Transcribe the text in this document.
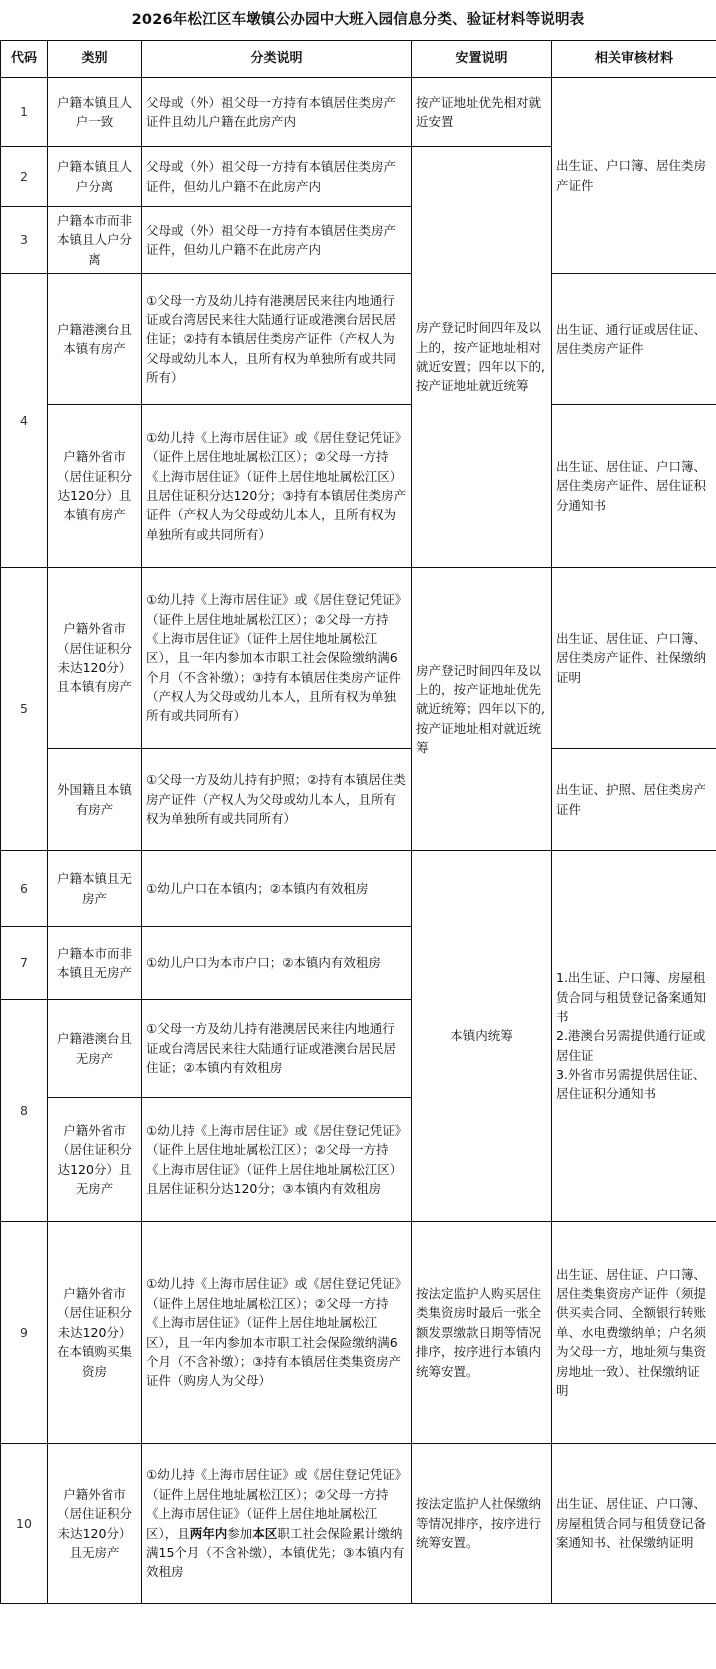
2026年松江区车墩镇公办园中大班入园信息分类、验证材料等说明表
代码	类别	分类说明	安置说明	相关审核材料
1	户籍本镇且人户一致	父母或（外）祖父母一方持有本镇居住类房产证件且幼儿户籍在此房产内	按产证地址优先相对就近安置	出生证、户口簿、居住类房产证件
2	户籍本镇且人户分离	父母或（外）祖父母一方持有本镇居住类房产证件，但幼儿户籍不在此房产内	房产登记时间四年及以上的，按产证地址相对就近安置；四年以下的,按产证地址就近统筹	
3	户籍本市而非本镇且人户分离	父母或（外）祖父母一方持有本镇居住类房产证件，但幼儿户籍不在此房产内		
4	户籍港澳台且本镇有房产	①父母一方及幼儿持有港澳居民来往内地通行证或台湾居民来往大陆通行证或港澳台居民居住证；②持有本镇居住类房产证件（产权人为父母或幼儿本人，且所有权为单独所有或共同所有）		出生证、通行证或居住证、居住类房产证件
	户籍外省市（居住证积分达120分）且本镇有房产	①幼儿持《上海市居住证》或《居住登记凭证》（证件上居住地址属松江区）；②父母一方持《上海市居住证》（证件上居住地址属松江区）且居住证积分达120分；③持有本镇居住类房产证件（产权人为父母或幼儿本人，且所有权为单独所有或共同所有）		出生证、居住证、户口簿、居住类房产证件、居住证积分通知书
5	户籍外省市（居住证积分未达120分）且本镇有房产	①幼儿持《上海市居住证》或《居住登记凭证》（证件上居住地址属松江区）；②父母一方持《上海市居住证》（证件上居住地址属松江区），且一年内参加本市职工社会保险缴纳满6个月（不含补缴）；③持有本镇居住类房产证件（产权人为父母或幼儿本人，且所有权为单独所有或共同所有）	房产登记时间四年及以上的，按产证地址优先就近统筹；四年以下的,按产证地址相对就近统筹	出生证、居住证、户口簿、居住类房产证件、社保缴纳证明
	外国籍且本镇有房产	①父母一方及幼儿持有护照；②持有本镇居住类房产证件（产权人为父母或幼儿本人，且所有权为单独所有或共同所有）		出生证、护照、居住类房产证件
6	户籍本镇且无房产	①幼儿户口在本镇内；②本镇内有效租房	本镇内统筹	1.出生证、户口簿、房屋租赁合同与租赁登记备案通知书
2.港澳台另需提供通行证或居住证
3.外省市另需提供居住证、居住证积分通知书
7	户籍本市而非本镇且无房产	①幼儿户口为本市户口；②本镇内有效租房		
8	户籍港澳台且无房产	①父母一方及幼儿持有港澳居民来往内地通行证或台湾居民来往大陆通行证或港澳台居民居住证；②本镇内有效租房		
	户籍外省市（居住证积分达120分）且无房产	①幼儿持《上海市居住证》或《居住登记凭证》（证件上居住地址属松江区）；②父母一方持《上海市居住证》（证件上居住地址属松江区）且居住证积分达120分；③本镇内有效租房		
9	户籍外省市（居住证积分未达120分）在本镇购买集资房	①幼儿持《上海市居住证》或《居住登记凭证》（证件上居住地址属松江区）；②父母一方持《上海市居住证》（证件上居住地址属松江区），且一年内参加本市职工社会保险缴纳满6个月（不含补缴）；③持有本镇居住类集资房产证件（购房人为父母）	按法定监护人购买居住类集资房时最后一张全额发票缴款日期等情况排序，按序进行本镇内统筹安置。	出生证、居住证、户口簿、居住类集资房产证件（须提供买卖合同、全额银行转账单、水电费缴纳单；户名须为父母一方，地址须与集资房地址一致）、社保缴纳证明
10	户籍外省市（居住证积分未达120分）且无房产	①幼儿持《上海市居住证》或《居住登记凭证》（证件上居住地址属松江区）；②父母一方持《上海市居住证》（证件上居住地址属松江区），且两年内参加本区职工社会保险累计缴纳满15个月（不含补缴），本镇优先；③本镇内有效租房	按法定监护人社保缴纳等情况排序，按序进行统筹安置。	出生证、居住证、户口簿、房屋租赁合同与租赁登记备案通知书、社保缴纳证明
